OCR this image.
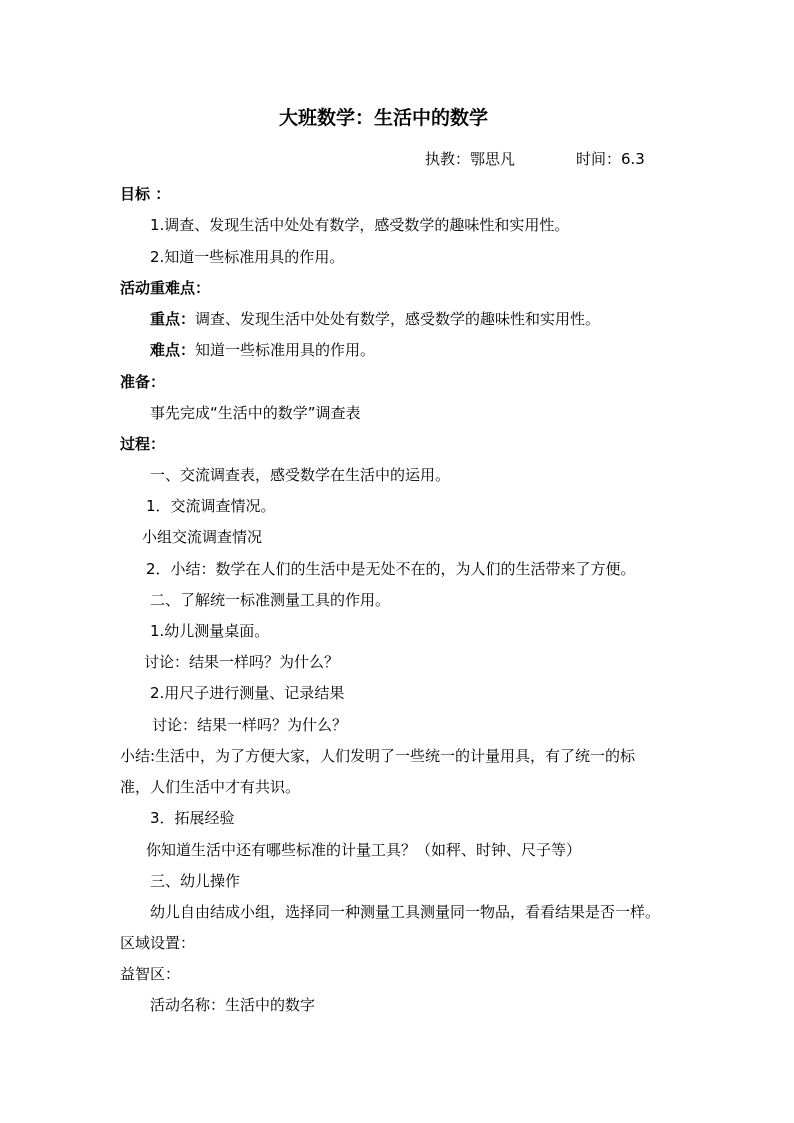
大班数学：生活中的数学
执教：鄂思凡	时间：6.3
目标 ：
1.调查、发现生活中处处有数学，感受数学的趣味性和实用性。
2.知道一些标准用具的作用。
活动重难点：
重点：调查、发现生活中处处有数学，感受数学的趣味性和实用性。
难点：知道一些标准用具的作用。
准备：
事先完成“生活中的数学”调查表
过程：
一、交流调查表，感受数学在生活中的运用。
1．交流调查情况。
小组交流调查情况
2．小结：数学在人们的生活中是无处不在的，为人们的生活带来了方便。
二、了解统一标准测量工具的作用。
1.幼儿测量桌面。
讨论：结果一样吗？为什么？
2.用尺子进行测量、记录结果
讨论：结果一样吗？为什么？
小结:生活中，为了方便大家，人们发明了一些统一的计量用具，有了统一的标
准，人们生活中才有共识。
3．拓展经验
你知道生活中还有哪些标准的计量工具？（如秤、时钟、尺子等）
三、幼儿操作
幼儿自由结成小组，选择同一种测量工具测量同一物品，看看结果是否一样。
区域设置：
益智区：
活动名称：生活中的数字
